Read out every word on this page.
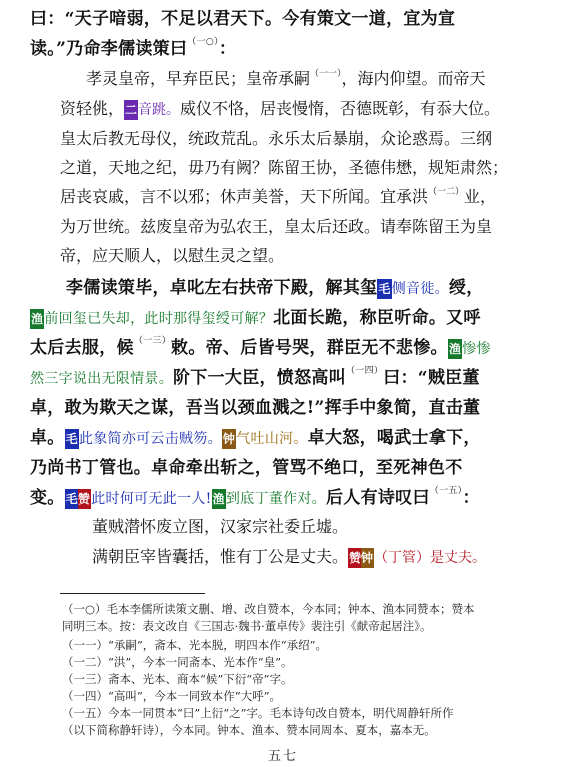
曰：“天子喑弱，不足以君天下。今有策文一道，宜为宣
读。”乃命李儒读策曰$^{(一○)}$：
孝灵皇帝，早弃臣民；皇帝承嗣$^{(一一)}$，海内仰望。而帝天
资轻佻，二音跳。威仪不恪，居丧慢惰，否德既彰，有忝大位。
皇太后教无母仪，统政荒乱。永乐太后暴崩，众论惑焉。三纲
之道，天地之纪，毋乃有阙？陈留王协，圣德伟懋，规矩肃然；
居丧哀戚，言不以邪；休声美誉，天下所闻。宜承洪$^{(一二)}$业，
为万世统。兹废皇帝为弘农王，皇太后还政。请奉陈留王为皇
帝，应天顺人，以慰生灵之望。
李儒读策毕，卓叱左右扶帝下殿，解其玺毛侧音徙。绶，
渔前回玺已失却，此时那得玺绶可解？北面长跪，称臣听命。又呼
太后去服，候$^{(一三)}$敕。帝、后皆号哭，群臣无不悲惨。渔惨惨
然三字说出无限情景。阶下一大臣，愤怒高叫$^{(一四)}$曰：“贼臣董
卓，敢为欺天之谋，吾当以颈血溅之!”挥手中象简，直击董
卓。毛此象简亦可云击贼笏。钟气吐山河。卓大怒，喝武士拿下，
乃尚书丁管也。卓命牵出斩之，管骂不绝口，至死神色不
变。毛赞此时何可无此一人!渔到底丁董作对。后人有诗叹曰$^{(一五)}$：
董贼潜怀废立图，汉家宗社委丘墟。
满朝臣宰皆囊括，惟有丁公是丈夫。赞钟（丁管）是丈夫。
（一○）毛本李儒所读策文删、增、改自赞本，今本同；钟本、渔本同赞本；赞本
同明三本。按：表文改自《三国志·魏书·董卓传》裴注引《献帝起居注》。
（一一）“承嗣”，斋本、光本脱，明四本作“承绍”。
（一二）“洪”，今本一同斋本、光本作“皇”。
（一三）斋本、光本、商本“候”下衍“帝”字。
（一四）“高叫”，今本一同致本作“大呼”。
（一五）今本一同贯本“曰”上衍“之”字。毛本诗句改自赞本，明代周静轩所作
（以下简称静轩诗），今本同。钟本、渔本、赞本同周本、夏本，嘉本无。
五七
